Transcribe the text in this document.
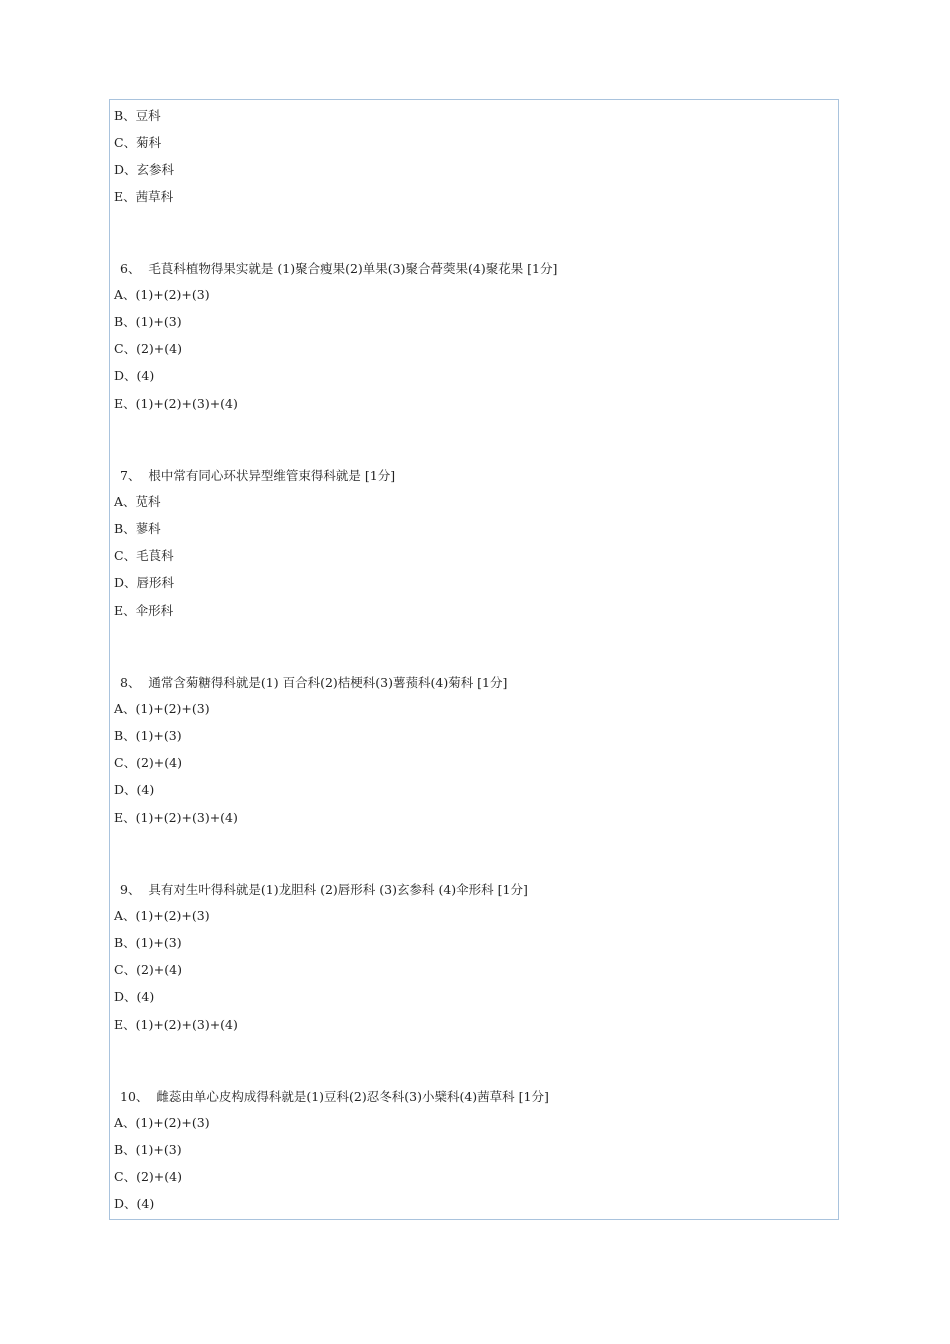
B、豆科
C、菊科
D、玄参科
E、茜草科
6、  毛茛科植物得果实就是 (1)聚合瘦果(2)单果(3)聚合蓇葖果(4)聚花果 [1分]
A、(1)+(2)+(3)
B、(1)+(3)
C、(2)+(4)
D、(4)
E、(1)+(2)+(3)+(4)
7、  根中常有同心环状异型维管束得科就是 [1分]
A、苋科
B、蓼科
C、毛茛科
D、唇形科
E、伞形科
8、  通常含菊糖得科就是(1) 百合科(2)桔梗科(3)薯蓣科(4)菊科 [1分]
A、(1)+(2)+(3)
B、(1)+(3)
C、(2)+(4)
D、(4)
E、(1)+(2)+(3)+(4)
9、  具有对生叶得科就是(1)龙胆科 (2)唇形科 (3)玄参科 (4)伞形科 [1分]
A、(1)+(2)+(3)
B、(1)+(3)
C、(2)+(4)
D、(4)
E、(1)+(2)+(3)+(4)
10、  雌蕊由单心皮构成得科就是(1)豆科(2)忍冬科(3)小檗科(4)茜草科 [1分]
A、(1)+(2)+(3)
B、(1)+(3)
C、(2)+(4)
D、(4)
